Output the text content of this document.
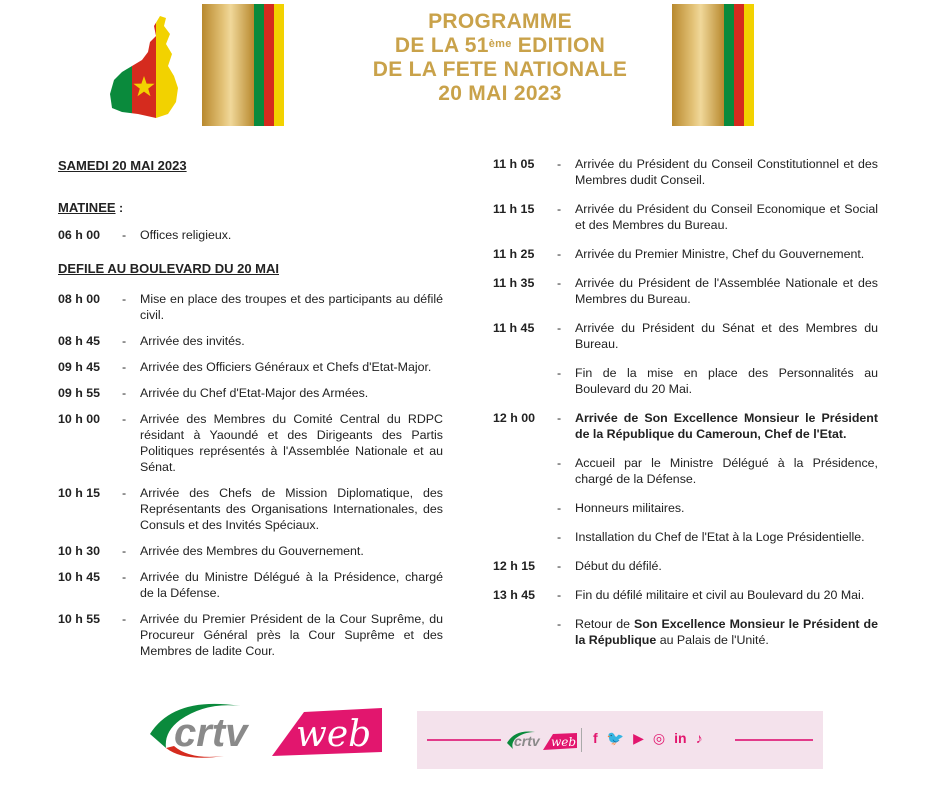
PROGRAMME
DE LA 51ème EDITION
DE LA FETE NATIONALE
20 MAI 2023
SAMEDI 20 MAI 2023
MATINEE :
06 h 00	-	Offices religieux.
DEFILE AU BOULEVARD DU 20 MAI
08 h 00	-	Mise en place des troupes et des participants au défilé civil.
08 h 45	-	Arrivée des invités.
09 h 45	-	Arrivée des Officiers Généraux et Chefs d'Etat-Major.
09 h 55	-	Arrivée du Chef d'Etat-Major des Armées.
10 h 00	-	Arrivée des Membres du Comité Central du RDPC résidant à Yaoundé et des Dirigeants des Partis Politiques représentés à l'Assemblée Nationale et au Sénat.
10 h 15	-	Arrivée des Chefs de Mission Diplomatique, des Représentants des Organisations Internationales, des Consuls et des Invités Spéciaux.
10 h 30	-	Arrivée des Membres du Gouvernement.
10 h 45	-	Arrivée du Ministre Délégué à la Présidence, chargé de la Défense.
10 h 55	-	Arrivée du Premier Président de la Cour Suprême, du Procureur Général près la Cour Suprême et des Membres de ladite Cour.
11 h 05	-	Arrivée du Président du Conseil Constitutionnel et des Membres dudit Conseil.
11 h 15	-	Arrivée du Président du Conseil Economique et Social et des Membres du Bureau.
11 h 25	-	Arrivée du Premier Ministre, Chef du Gouvernement.
11 h 35	-	Arrivée du Président de l'Assemblée Nationale et des Membres du Bureau.
11 h 45	-	Arrivée du Président du Sénat et des Membres du Bureau.
-	Fin de la mise en place des Personnalités au Boulevard du 20 Mai.
12 h 00	-	Arrivée de Son Excellence Monsieur le Président de la République du Cameroun, Chef de l'Etat.
-	Accueil par le Ministre Délégué à la Présidence, chargé de la Défense.
-	Honneurs militaires.
-	Installation du Chef de l'Etat à la Loge Présidentielle.
12 h 15	-	Début du défilé.
13 h 45	-	Fin du défilé militaire et civil au Boulevard du 20 Mai.
-	Retour de Son Excellence Monsieur le Président de la République au Palais de l'Unité.
crtv web	crtv web f 🐦 ▶ ◎ in ♪
